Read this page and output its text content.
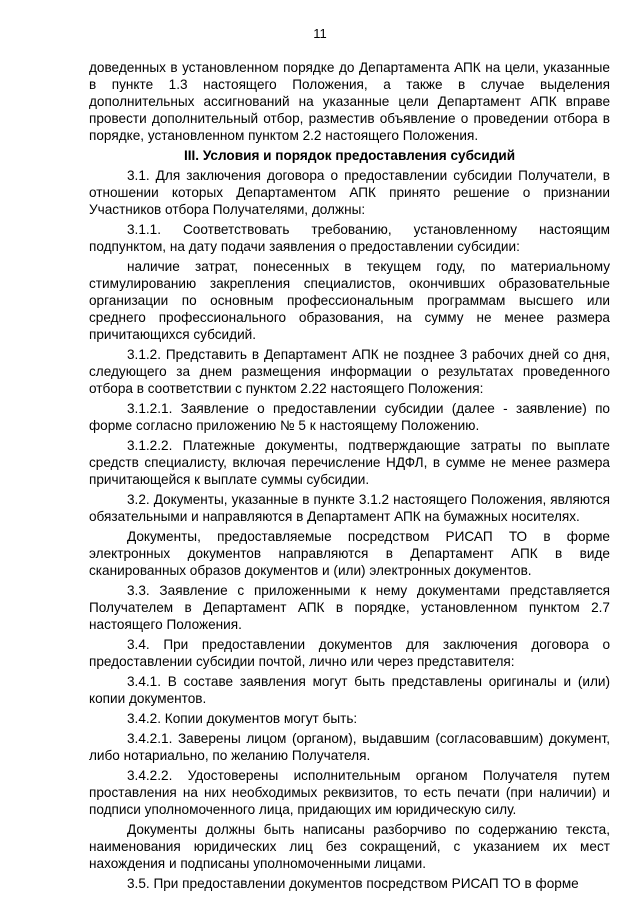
11

доведенных в установленном порядке до Департамента АПК на цели, указанные в пункте 1.3 настоящего Положения, а также в случае выделения дополнительных ассигнований на указанные цели Департамент АПК вправе провести дополнительный отбор, разместив объявление о проведении отбора в порядке, установленном пунктом 2.2 настоящего Положения.

III. Условия и порядок предоставления субсидий

3.1. Для заключения договора о предоставлении субсидии Получатели, в отношении которых Департаментом АПК принято решение о признании Участников отбора Получателями, должны:

3.1.1. Соответствовать требованию, установленному настоящим подпунктом, на дату подачи заявления о предоставлении субсидии:

наличие затрат, понесенных в текущем году, по материальному стимулированию закрепления специалистов, окончивших образовательные организации по основным профессиональным программам высшего или среднего профессионального образования, на сумму не менее размера причитающихся субсидий.

3.1.2. Представить в Департамент АПК не позднее 3 рабочих дней со дня, следующего за днем размещения информации о результатах проведенного отбора в соответствии с пунктом 2.22 настоящего Положения:

3.1.2.1. Заявление о предоставлении субсидии (далее - заявление) по форме согласно приложению № 5 к настоящему Положению.

3.1.2.2. Платежные документы, подтверждающие затраты по выплате средств специалисту, включая перечисление НДФЛ, в сумме не менее размера причитающейся к выплате суммы субсидии.

3.2. Документы, указанные в пункте 3.1.2 настоящего Положения, являются обязательными и направляются в Департамент АПК на бумажных носителях.

Документы, предоставляемые посредством РИСАП ТО в форме электронных документов направляются в Департамент АПК в виде сканированных образов документов и (или) электронных документов.

3.3. Заявление с приложенными к нему документами представляется Получателем в Департамент АПК в порядке, установленном пунктом 2.7 настоящего Положения.

3.4. При предоставлении документов для заключения договора о предоставлении субсидии почтой, лично или через представителя:

3.4.1. В составе заявления могут быть представлены оригиналы и (или) копии документов.

3.4.2. Копии документов могут быть:

3.4.2.1. Заверены лицом (органом), выдавшим (согласовавшим) документ, либо нотариально, по желанию Получателя.

3.4.2.2. Удостоверены исполнительным органом Получателя путем проставления на них необходимых реквизитов, то есть печати (при наличии) и подписи уполномоченного лица, придающих им юридическую силу.

Документы должны быть написаны разборчиво по содержанию текста, наименования юридических лиц без сокращений, с указанием их мест нахождения и подписаны уполномоченными лицами.

3.5. При предоставлении документов посредством РИСАП ТО в форме
